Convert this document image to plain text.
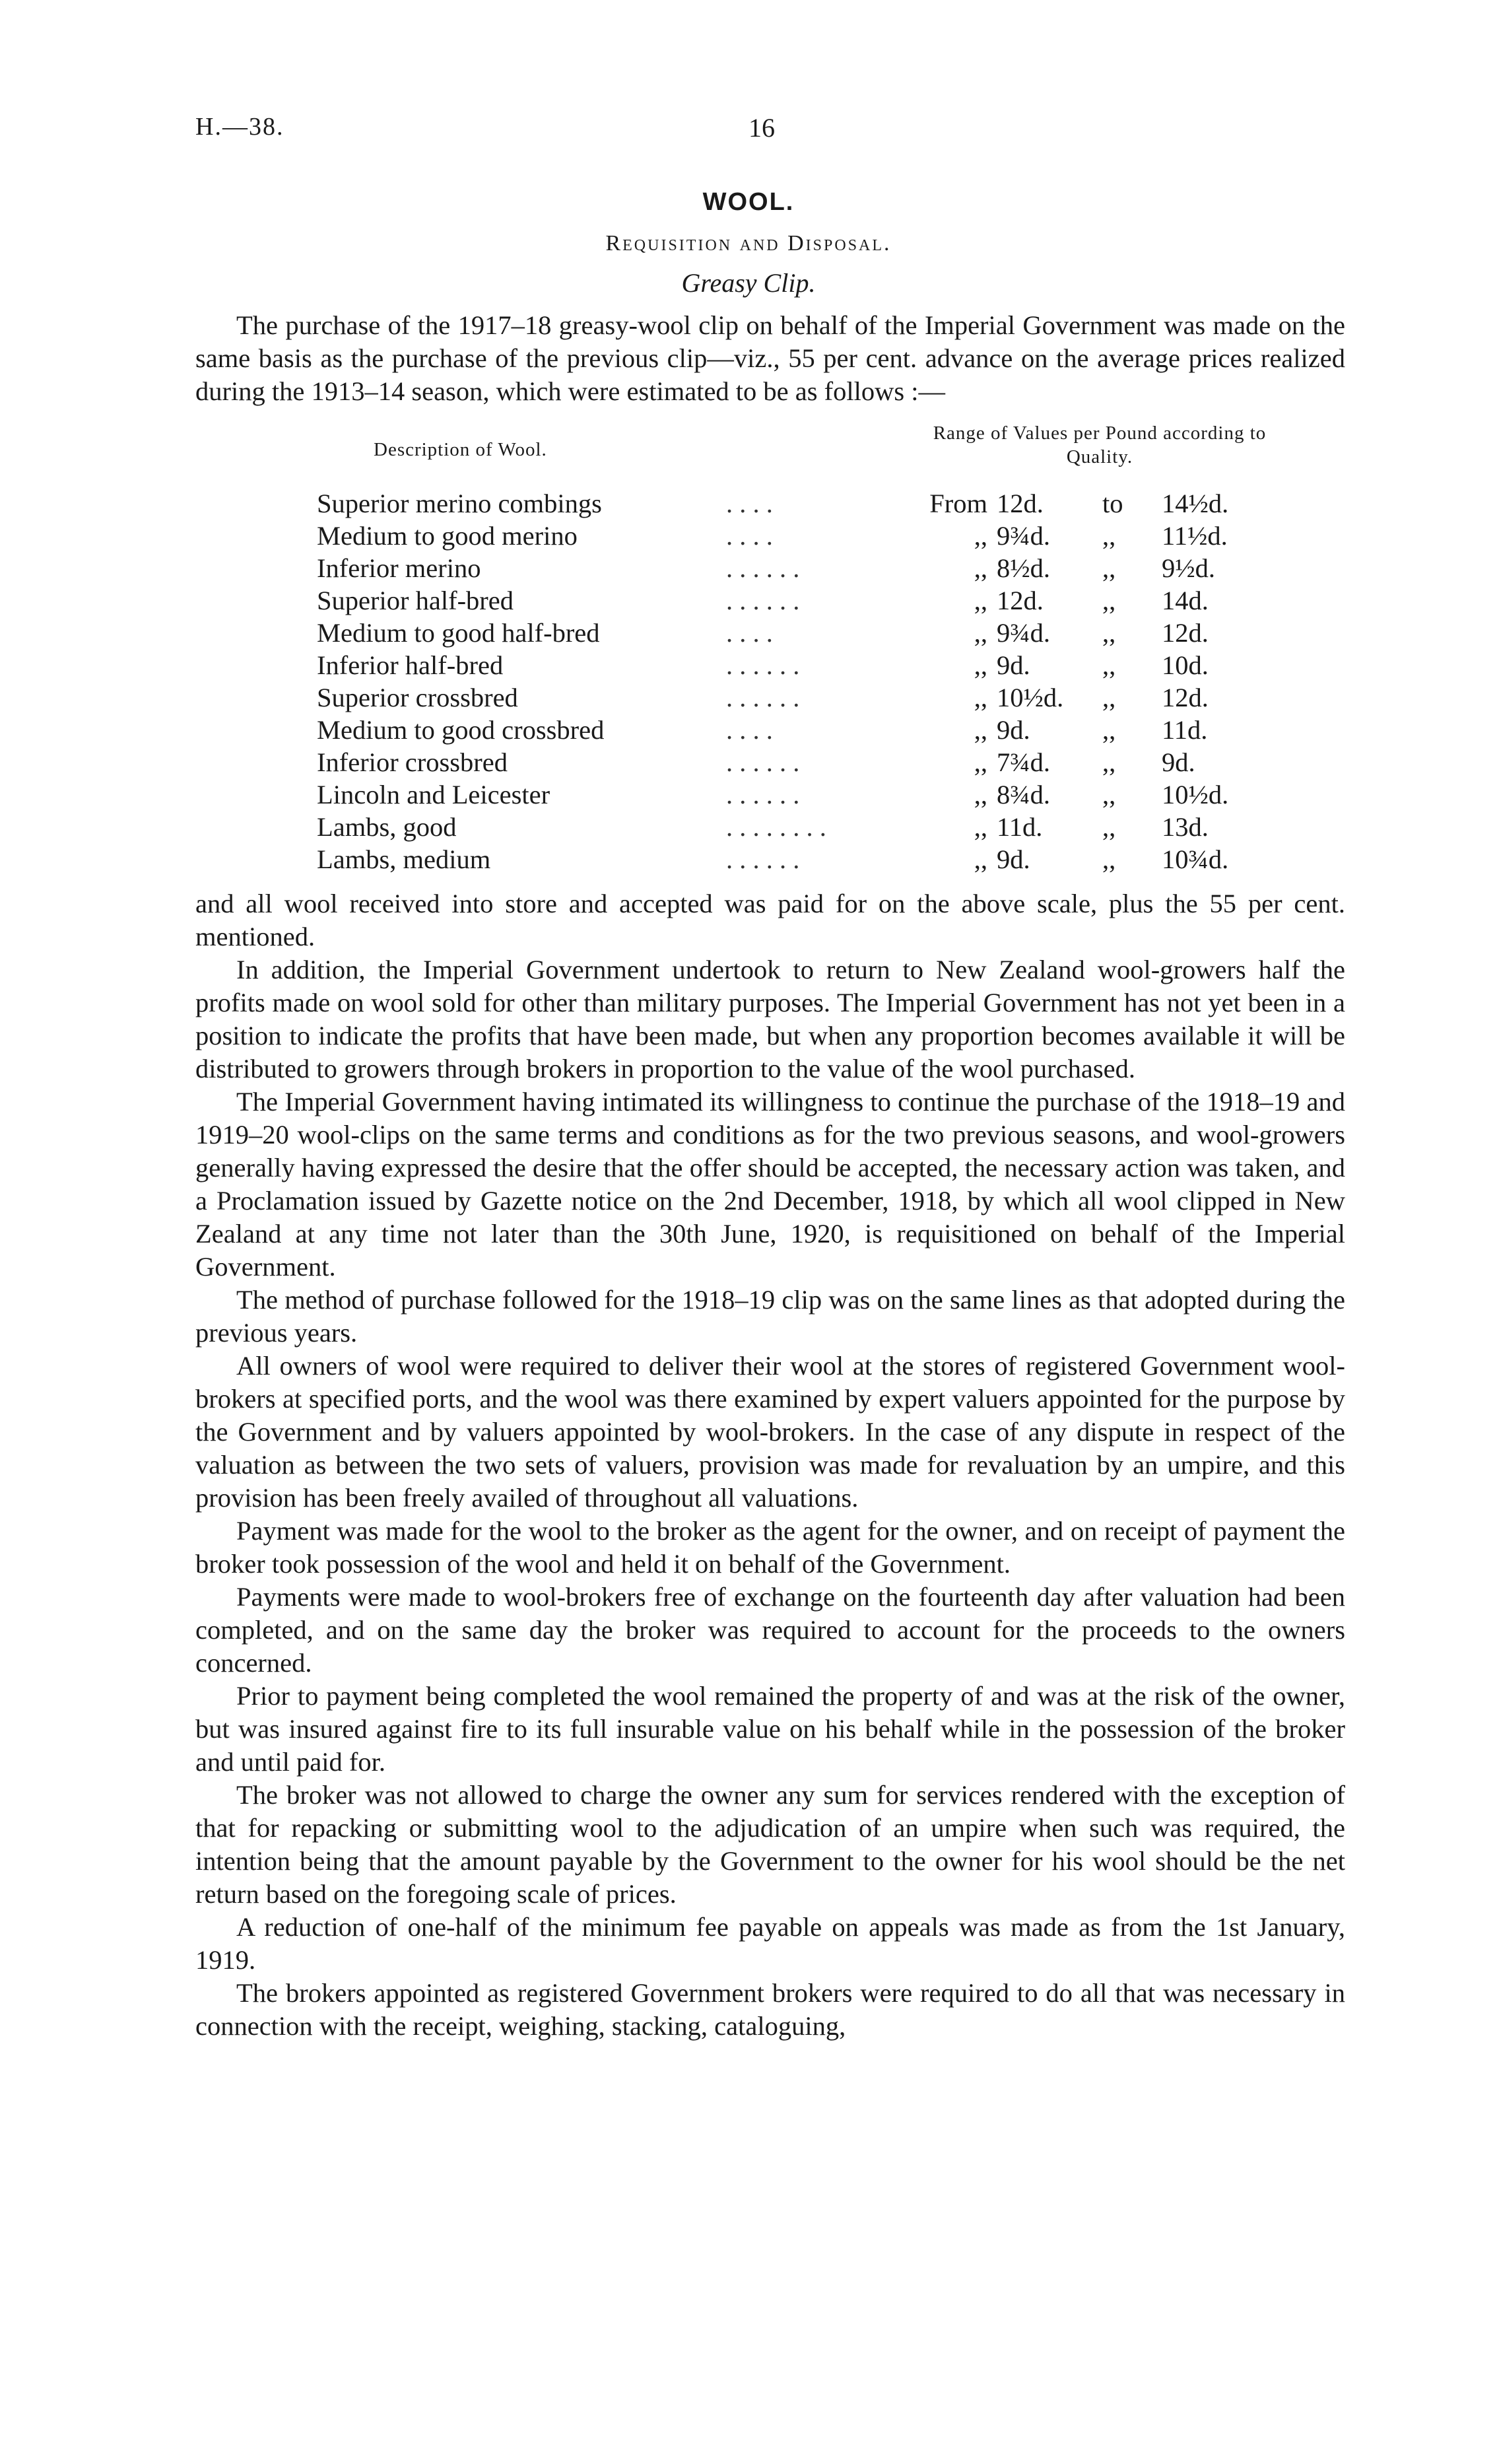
H.—38.	16
WOOL.
Requisition and Disposal.
Greasy Clip.

The purchase of the 1917–18 greasy-wool clip on behalf of the Imperial Government was made on the same basis as the purchase of the previous clip—viz., 55 per cent. advance on the average prices realized during the 1913–14 season, which were estimated to be as follows :—

Description of Wool.
Range of Values per Pound according to Quality.
Superior merino combings	. . . .	From	12d.	to	14½d.
Medium to good merino	. . . .	,,	9¾d.	,,	11½d.
Inferior merino	. . . . . .	,,	8½d.	,,	9½d.
Superior half-bred	. . . . . .	,,	12d.	,,	14d.
Medium to good half-bred	. . . .	,,	9¾d.	,,	12d.
Inferior half-bred	. . . . . .	,,	9d.	,,	10d.
Superior crossbred	. . . . . .	,,	10½d.	,,	12d.
Medium to good crossbred	. . . .	,,	9d.	,,	11d.
Inferior crossbred	. . . . . .	,,	7¾d.	,,	9d.
Lincoln and Leicester	. . . . . .	,,	8¾d.	,,	10½d.
Lambs, good	. . . . . . . .	,,	11d.	,,	13d.
Lambs, medium	. . . . . .	,,	9d.	,,	10¾d.

and all wool received into store and accepted was paid for on the above scale, plus the 55 per cent. mentioned.

In addition, the Imperial Government undertook to return to New Zealand wool-growers half the profits made on wool sold for other than military purposes. The Imperial Government has not yet been in a position to indicate the profits that have been made, but when any proportion becomes available it will be distributed to growers through brokers in proportion to the value of the wool purchased.

The Imperial Government having intimated its willingness to continue the purchase of the 1918–19 and 1919–20 wool-clips on the same terms and conditions as for the two previous seasons, and wool-growers generally having expressed the desire that the offer should be accepted, the necessary action was taken, and a Proclamation issued by Gazette notice on the 2nd December, 1918, by which all wool clipped in New Zealand at any time not later than the 30th June, 1920, is requisitioned on behalf of the Imperial Government.

The method of purchase followed for the 1918–19 clip was on the same lines as that adopted during the previous years.

All owners of wool were required to deliver their wool at the stores of registered Government wool-brokers at specified ports, and the wool was there examined by expert valuers appointed for the purpose by the Government and by valuers appointed by wool-brokers. In the case of any dispute in respect of the valuation as between the two sets of valuers, provision was made for revaluation by an umpire, and this provision has been freely availed of throughout all valuations.

Payment was made for the wool to the broker as the agent for the owner, and on receipt of payment the broker took possession of the wool and held it on behalf of the Government.

Payments were made to wool-brokers free of exchange on the fourteenth day after valuation had been completed, and on the same day the broker was required to account for the proceeds to the owners concerned.

Prior to payment being completed the wool remained the property of and was at the risk of the owner, but was insured against fire to its full insurable value on his behalf while in the possession of the broker and until paid for.

The broker was not allowed to charge the owner any sum for services rendered with the exception of that for repacking or submitting wool to the adjudication of an umpire when such was required, the intention being that the amount payable by the Government to the owner for his wool should be the net return based on the foregoing scale of prices.

A reduction of one-half of the minimum fee payable on appeals was made as from the 1st January, 1919.

The brokers appointed as registered Government brokers were required to do all that was necessary in connection with the receipt, weighing, stacking, cataloguing,
